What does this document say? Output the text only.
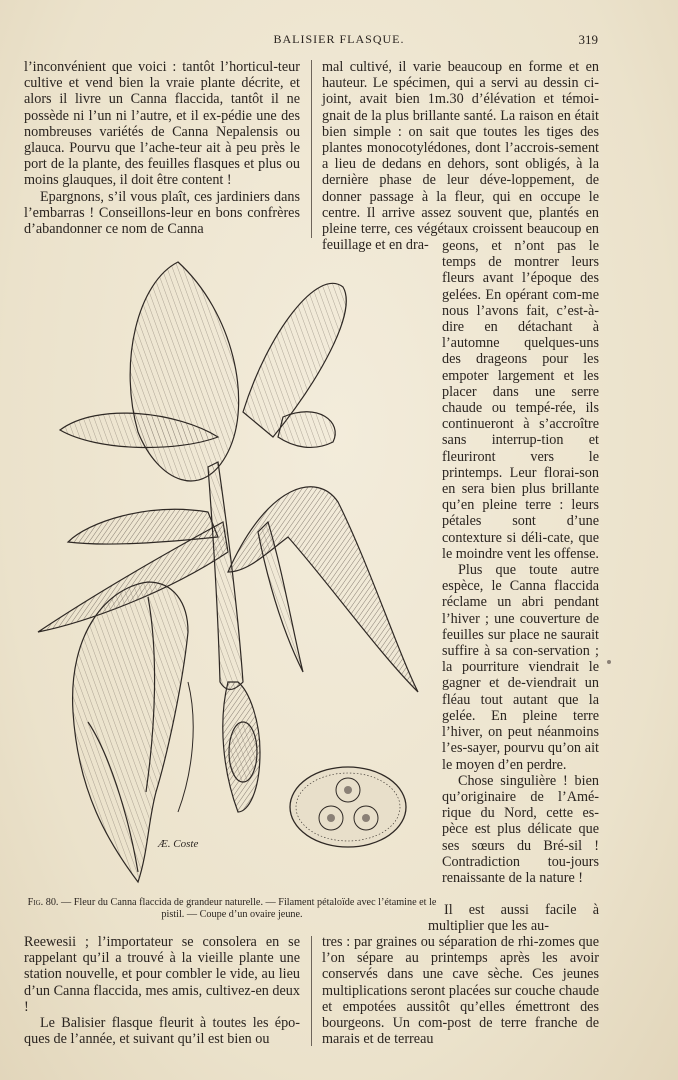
BALISIER FLASQUE.	319

l’inconvénient que voici : tantôt l’horticul-teur cultive et vend bien la vraie plante décrite, et alors il livre un Canna flaccida, tantôt il ne possède ni l’un ni l’autre, et il ex-pédie une des nombreuses variétés de Canna Nepalensis ou glauca. Pourvu que l’ache-teur ait à peu près le port de la plante, des feuilles flasques et plus ou moins glauques, il doit être content !

Epargnons, s’il vous plaît, ces jardiniers dans l’embarras ! Conseillons-leur en bons confrères d’abandonner ce nom de Canna

mal cultivé, il varie beaucoup en forme et en hauteur. Le spécimen, qui a servi au dessin ci-joint, avait bien 1m.30 d’élévation et témoi-gnait de la plus brillante santé. La raison en était bien simple : on sait que toutes les tiges des plantes monocotylédones, dont l’accrois-sement a lieu de dedans en dehors, sont obligés, à la dernière phase de leur déve-loppement, de donner passage à la fleur, qui en occupe le centre. Il arrive assez souvent que, plantés en pleine terre, ces végétaux croissent beaucoup en feuillage et en dra- geons, et n’ont pas le temps de montrer leurs fleurs avant l’époque des gelées. En opérant com-me nous l’avons fait, c’est-à-dire en détachant à l’automne quelques-uns des drageons pour les empoter largement et les placer dans une serre chaude ou tempé-rée, ils continueront à s’accroître sans interrup-tion et fleuriront vers le printemps. Leur florai-son en sera bien plus brillante qu’en pleine terre : leurs pétales sont d’une contexture si déli-cate, que le moindre vent les offense.

Plus que toute autre espèce, le Canna flaccida réclame un abri pendant l’hiver ; une couverture de feuilles sur place ne saurait suffire à sa con-servation ; la pourriture viendrait le gagner et de-viendrait un fléau tout autant que la gelée. En pleine terre l’hiver, on peut néanmoins l’es-sayer, pourvu qu’on ait le moyen d’en perdre.

Chose singulière ! bien qu’originaire de l’Amé-rique du Nord, cette es-pèce est plus délicate que ses sœurs du Bré-sil ! Contradiction tou-jours renaissante de la nature !

Æ. Coste
Fig. 80. — Fleur du Canna flaccida de grandeur naturelle. — Filament pétaloïde avec l’étamine et le pistil. — Coupe d’un ovaire jeune.	Il est aussi facile à multiplier que les au-

Reewesii ; l’importateur se consolera en se rappelant qu’il a trouvé à la vieille plante une station nouvelle, et pour combler le vide, au lieu d’un Canna flaccida, mes amis, cultivez-en deux !

Le Balisier flasque fleurit à toutes les épo-ques de l’année, et suivant qu’il est bien ou

tres : par graines ou séparation de rhi-zomes que l’on sépare au printemps après les avoir conservés dans une cave sèche. Ces jeunes multiplications seront placées sur couche chaude et empotées aussitôt qu’elles émettront des bourgeons. Un com-post de terre franche de marais et de terreau
